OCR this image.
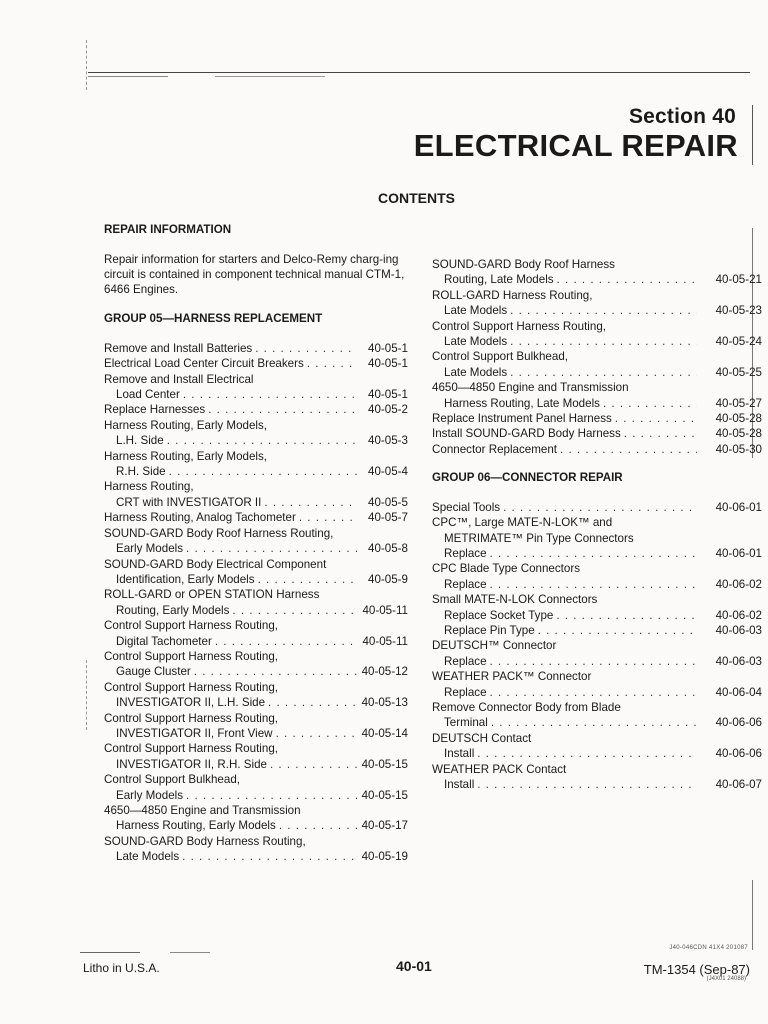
Section 40
ELECTRICAL REPAIR
CONTENTS
REPAIR INFORMATION
Repair information for starters and Delco-Remy charg-ing circuit is contained in component technical manual CTM-1, 6466 Engines.
GROUP 05—HARNESS REPLACEMENT
Remove and Install Batteries . . .	40-05-1
Electrical Load Center Circuit Breakers . . .	40-05-1
Remove and Install Electrical
Load Center . . .	40-05-1
Replace Harnesses . . .	40-05-2
Harness Routing, Early Models,
L.H. Side . . .	40-05-3
Harness Routing, Early Models,
R.H. Side . . .	40-05-4
Harness Routing,
CRT with INVESTIGATOR II . . .	40-05-5
Harness Routing, Analog Tachometer . . .	40-05-7
SOUND-GARD Body Roof Harness Routing,
Early Models . . .	40-05-8
SOUND-GARD Body Electrical Component
Identification, Early Models . . .	40-05-9
ROLL-GARD or OPEN STATION Harness
Routing, Early Models . . .	40-05-11
Control Support Harness Routing,
Digital Tachometer . . .	40-05-11
Control Support Harness Routing,
Gauge Cluster . . .	40-05-12
Control Support Harness Routing,
INVESTIGATOR II, L.H. Side . . .	40-05-13
Control Support Harness Routing,
INVESTIGATOR II, Front View . . .	40-05-14
Control Support Harness Routing,
INVESTIGATOR II, R.H. Side . . .	40-05-15
Control Support Bulkhead,
Early Models . . .	40-05-15
4650—4850 Engine and Transmission
Harness Routing, Early Models . . .	40-05-17
SOUND-GARD Body Harness Routing,
Late Models . . .	40-05-19
SOUND-GARD Body Roof Harness
Routing, Late Models . . .	40-05-21
ROLL-GARD Harness Routing,
Late Models . . .	40-05-23
Control Support Harness Routing,
Late Models . . .	40-05-24
Control Support Bulkhead,
Late Models . . .	40-05-25
4650—4850 Engine and Transmission
Harness Routing, Late Models . . .	40-05-27
Replace Instrument Panel Harness . . .	40-05-28
Install SOUND-GARD Body Harness . . .	40-05-28
Connector Replacement . . .	40-05-30
GROUP 06—CONNECTOR REPAIR
Special Tools . . .	40-06-01
CPC™, Large MATE-N-LOK™ and
METRIMATE™ Pin Type Connectors
Replace . . .	40-06-01
CPC Blade Type Connectors
Replace . . .	40-06-02
Small MATE-N-LOK Connectors
Replace Socket Type . . .	40-06-02
Replace Pin Type . . .	40-06-03
DEUTSCH™ Connector
Replace . . .	40-06-03
WEATHER PACK™ Connector
Replace . . .	40-06-04
Remove Connector Body from Blade
Terminal . . .	40-06-06
DEUTSCH Contact
Install . . .	40-06-06
WEATHER PACK Contact
Install . . .	40-06-07
J40-046CDN 41X4 201087
Litho in U.S.A.	40-01	TM-1354 (Sep-87)
(J4X01 24088)
